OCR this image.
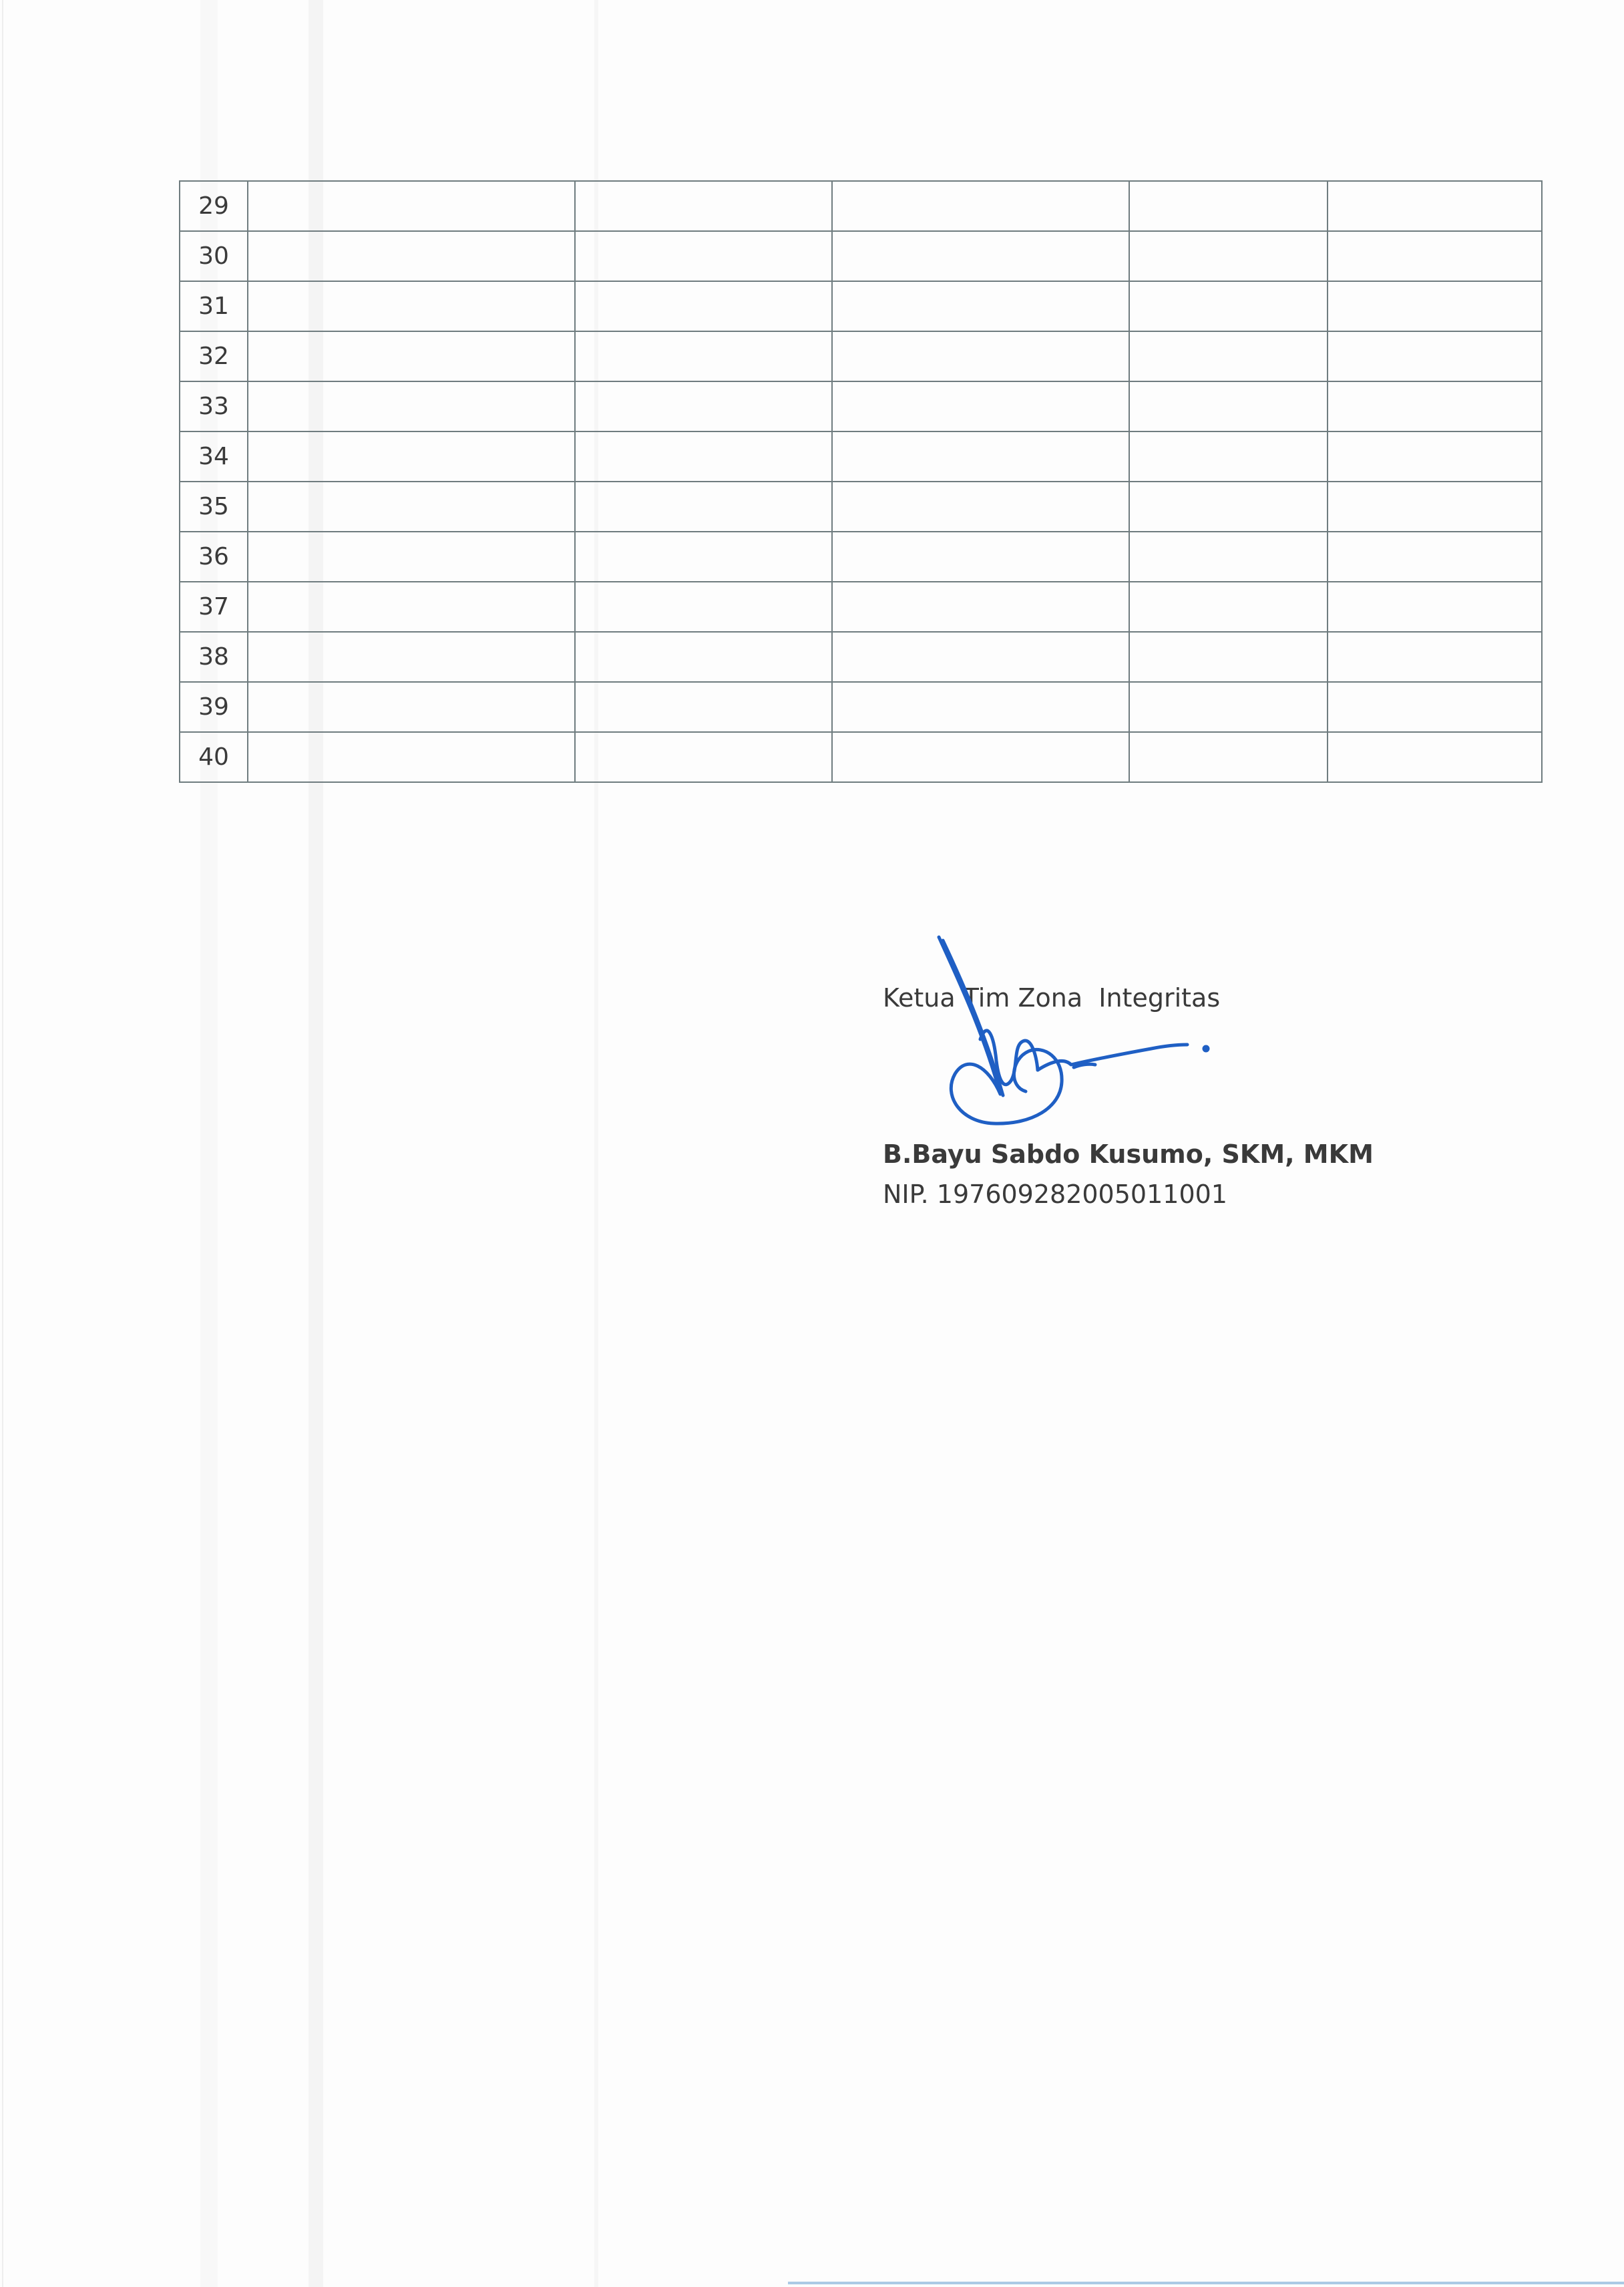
29					
30					
31					
32					
33					
34					
35					
36					
37					
38					
39					
40					
Ketua Tim Zona  Integritas
B.Bayu Sabdo Kusumo, SKM, MKM
NIP. 197609282005011001
